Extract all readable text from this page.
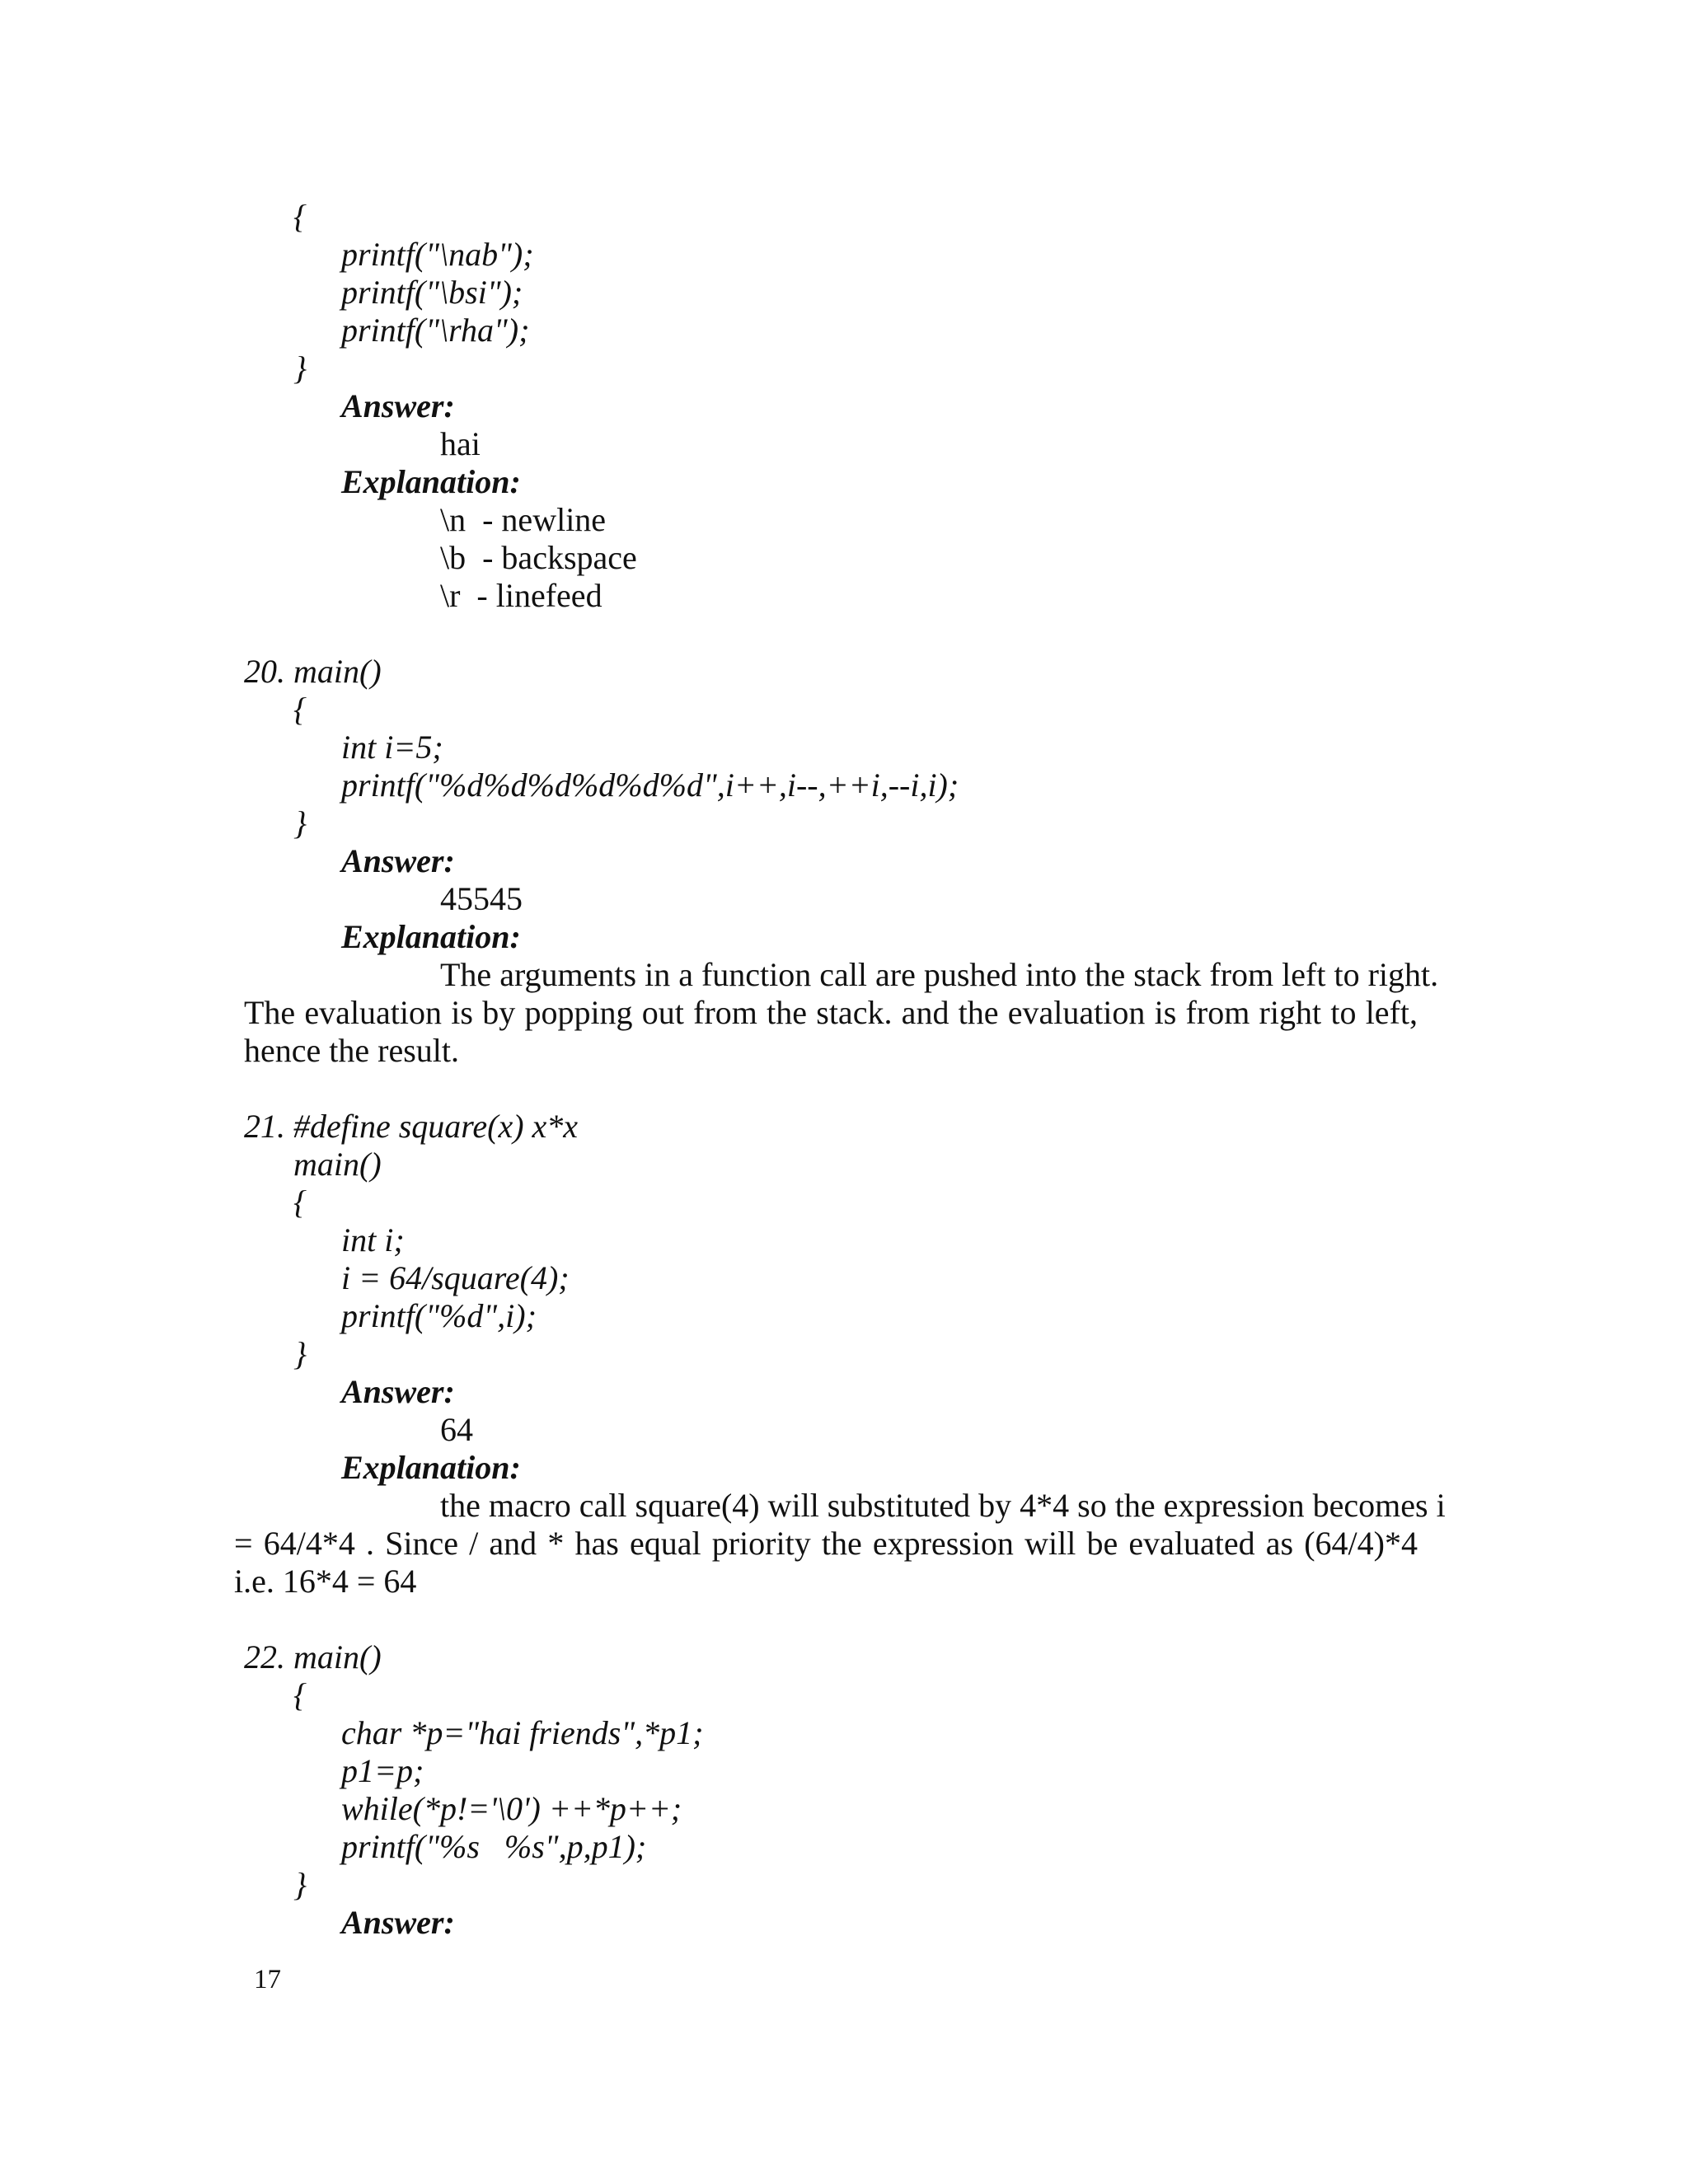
{
printf("\nab");
printf("\bsi");
printf("\rha");
}
Answer:
hai
Explanation:
\n  - newline
\b  - backspace
\r  - linefeed
20. main()
{
int i=5;
printf("%d%d%d%d%d%d",i++,i--,++i,--i,i);
}
Answer:
45545
Explanation:
The arguments in a function call are pushed into the stack from left to right.
The evaluation is by popping out from the stack. and the evaluation is from right to left, hence the result.
21. #define square(x) x*x
main()
{
int i;
i = 64/square(4);
printf("%d",i);
}
Answer:
64
Explanation:
the macro call square(4) will substituted by 4*4 so the expression becomes i
= 64/4*4 . Since / and * has equal priority the expression will be evaluated as (64/4)*4 i.e. 16*4 = 64
22. main()
{
char *p="hai friends",*p1;
p1=p;
while(*p!='\0') ++*p++;
printf("%s   %s",p,p1);
}
Answer:
17
